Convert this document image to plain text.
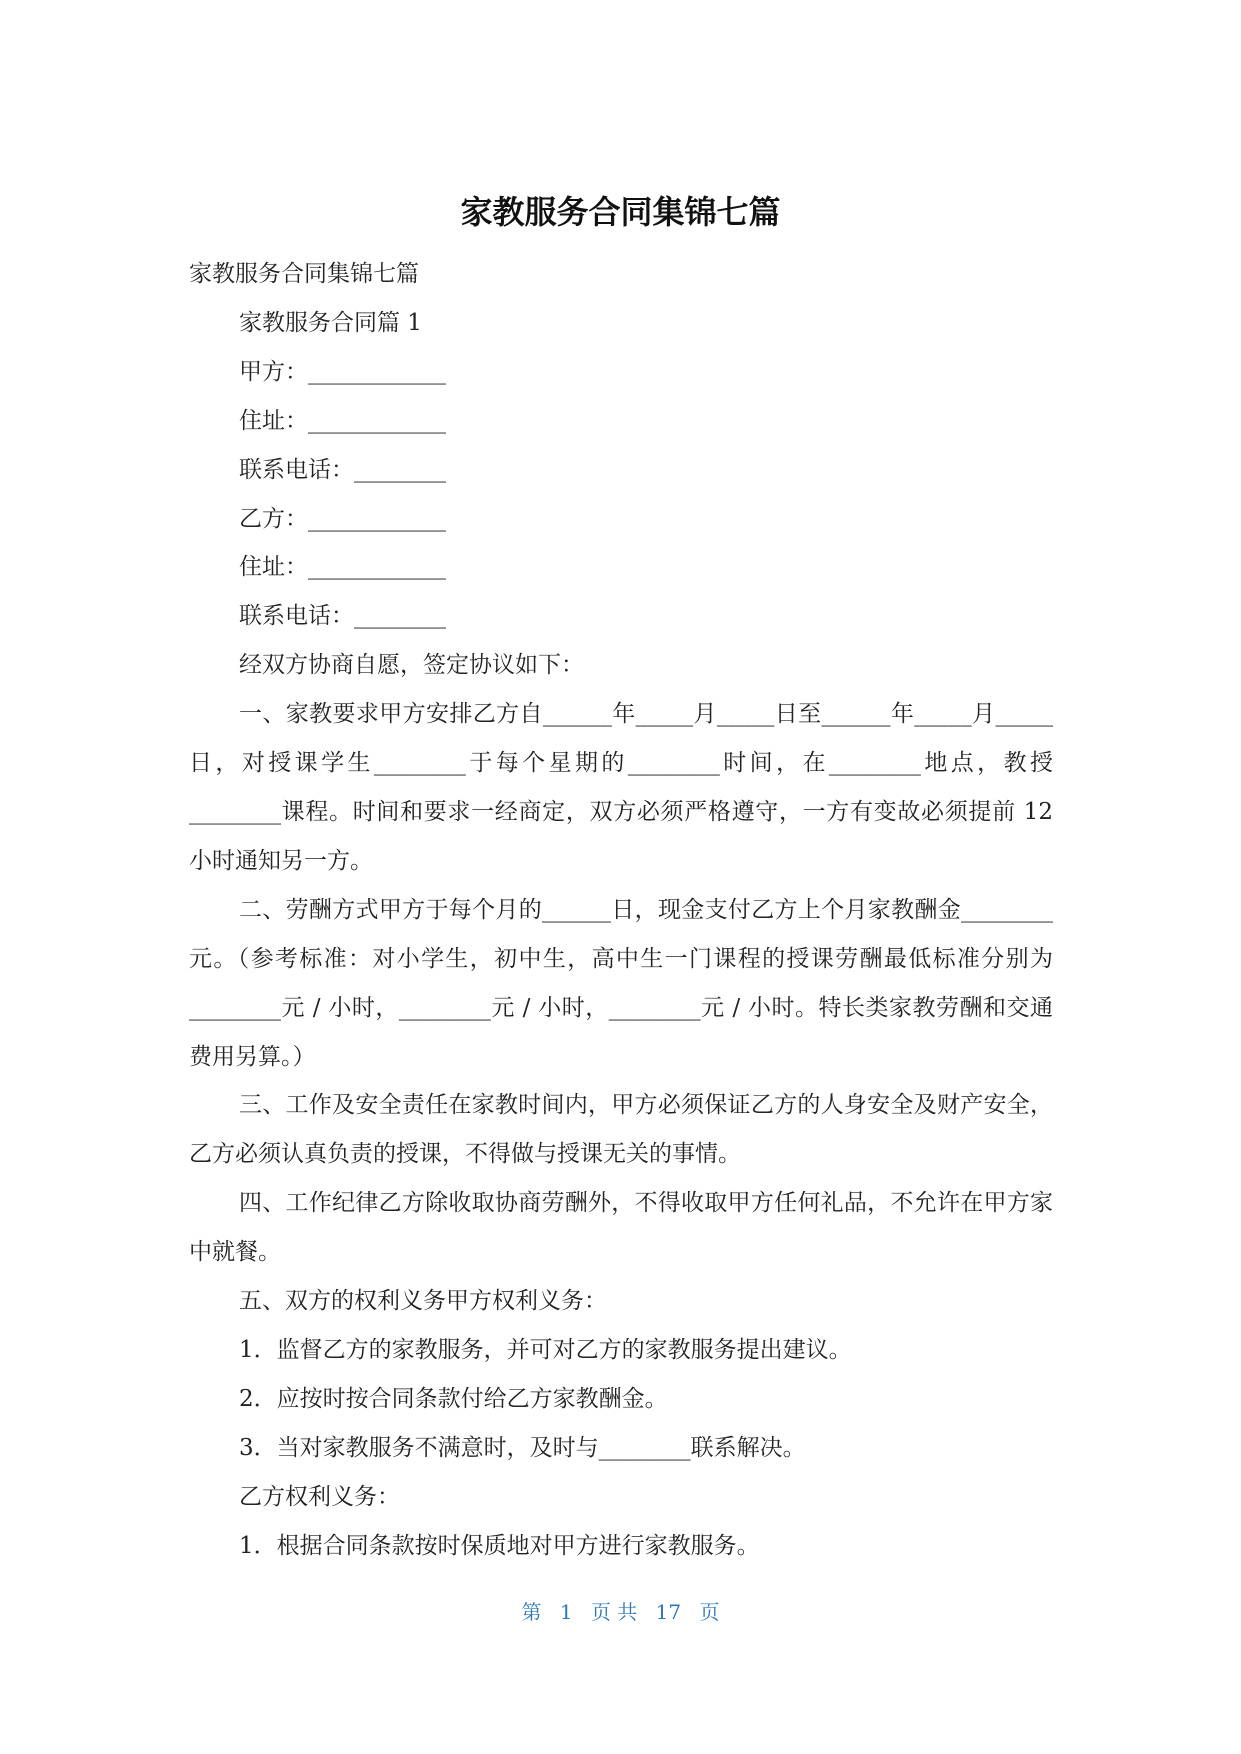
家教服务合同集锦七篇

家教服务合同集锦七篇

家教服务合同篇 1

甲方：____________

住址：____________

联系电话：________

乙方：____________

住址：____________

联系电话：________

经双方协商自愿，签定协议如下：

一、家教要求甲方安排乙方自______年_____月_____日至______年_____月_____日，对授课学生________于每个星期的________时间，在________地点，教授________课程。时间和要求一经商定，双方必须严格遵守，一方有变故必须提前 12 小时通知另一方。

二、劳酬方式甲方于每个月的______日，现金支付乙方上个月家教酬金________元。（参考标准：对小学生，初中生，高中生一门课程的授课劳酬最低标准分别为________元 / 小时，________元 / 小时，________元 / 小时。特长类家教劳酬和交通费用另算。）

三、工作及安全责任在家教时间内，甲方必须保证乙方的人身安全及财产安全，乙方必须认真负责的授课，不得做与授课无关的事情。

四、工作纪律乙方除收取协商劳酬外，不得收取甲方任何礼品，不允许在甲方家中就餐。

五、双方的权利义务甲方权利义务：

1．监督乙方的家教服务，并可对乙方的家教服务提出建议。

2．应按时按合同条款付给乙方家教酬金。

3．当对家教服务不满意时，及时与________联系解决。

乙方权利义务：

1．根据合同条款按时保质地对甲方进行家教服务。

第 1 页 共 17 页
